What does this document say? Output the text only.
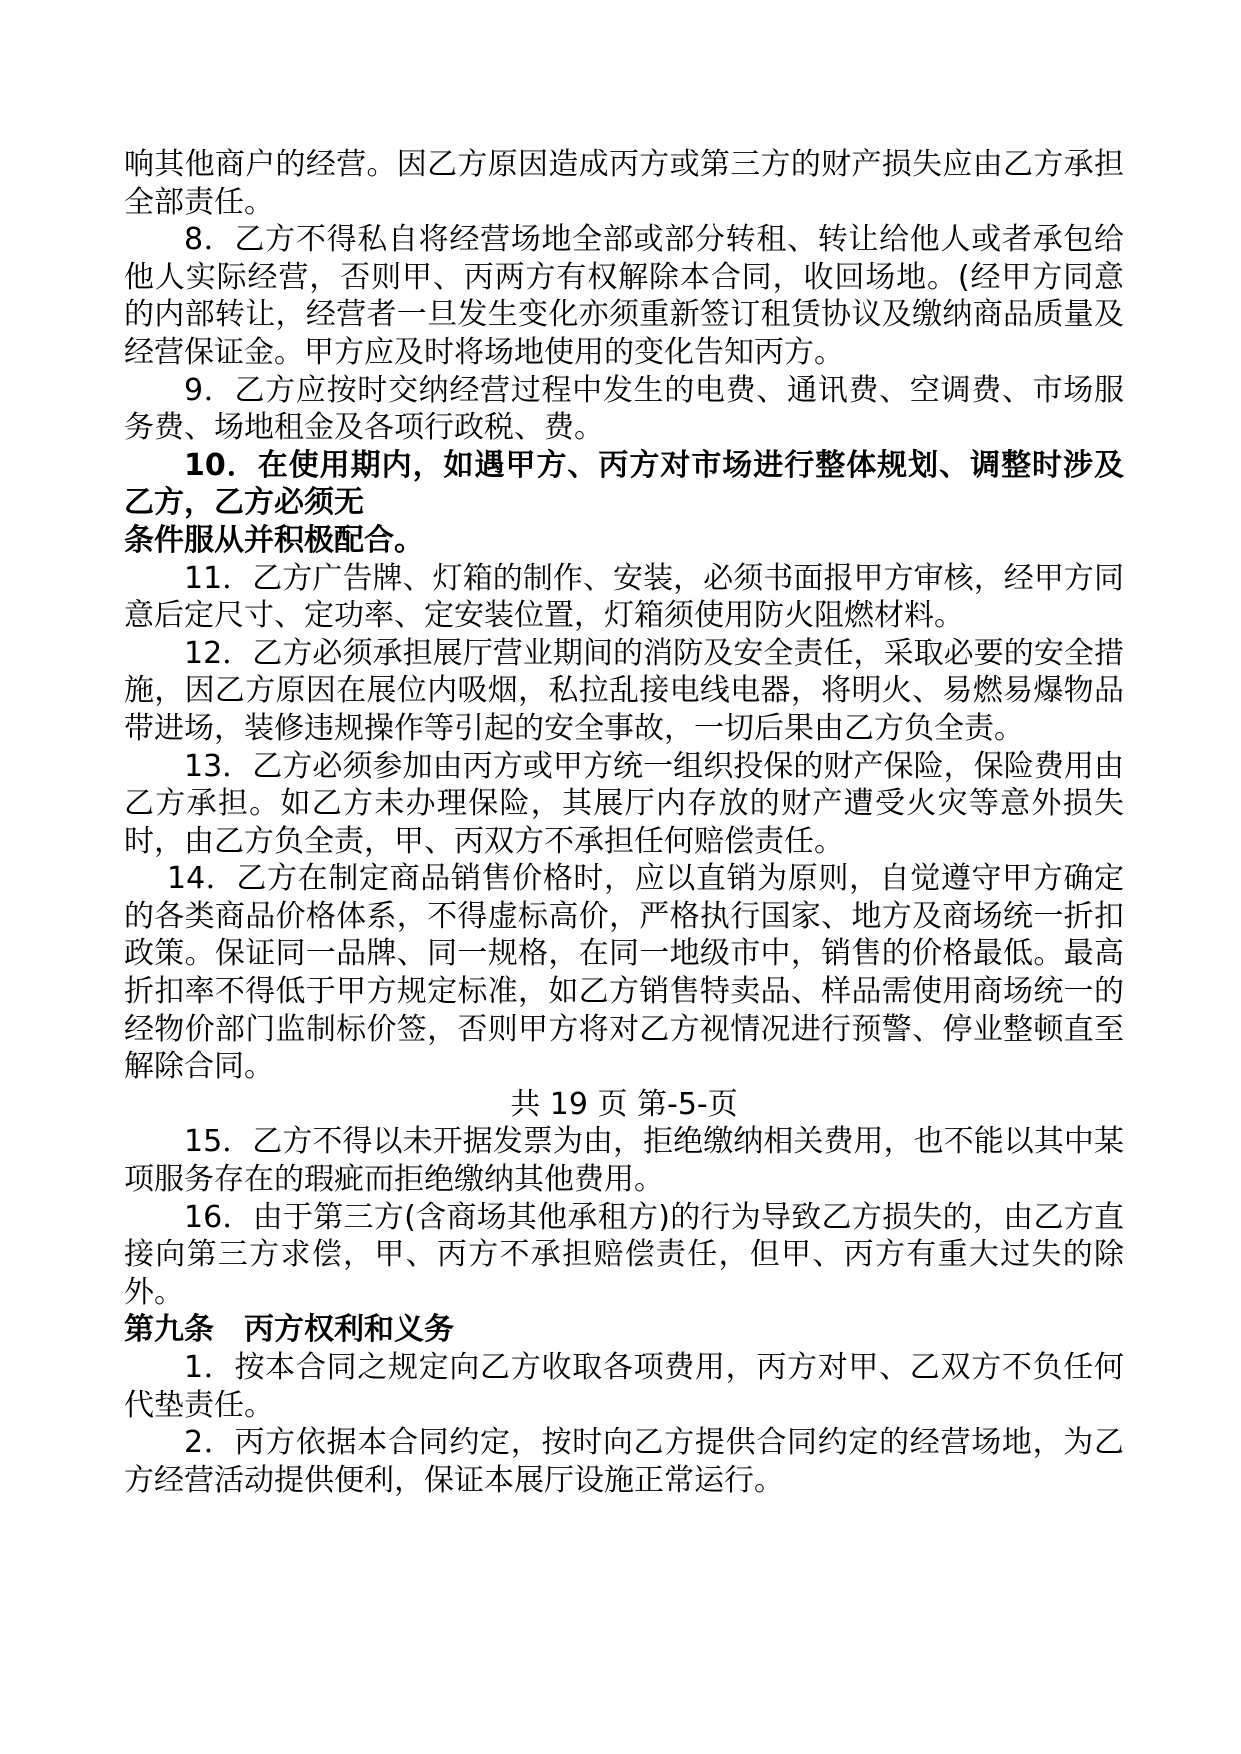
响其他商户的经营。因乙方原因造成丙方或第三方的财产损失应由乙方承担全部责任。

8．乙方不得私自将经营场地全部或部分转租、转让给他人或者承包给他人实际经营，否则甲、丙两方有权解除本合同，收回场地。(经甲方同意的内部转让，经营者一旦发生变化亦须重新签订租赁协议及缴纳商品质量及经营保证金。甲方应及时将场地使用的变化告知丙方。

9．乙方应按时交纳经营过程中发生的电费、通讯费、空调费、市场服务费、场地租金及各项行政税、费。

10．在使用期内，如遇甲方、丙方对市场进行整体规划、调整时涉及乙方，乙方必须无

条件服从并积极配合。

11．乙方广告牌、灯箱的制作、安装，必须书面报甲方审核，经甲方同意后定尺寸、定功率、定安装位置，灯箱须使用防火阻燃材料。

12．乙方必须承担展厅营业期间的消防及安全责任，采取必要的安全措施，因乙方原因在展位内吸烟，私拉乱接电线电器，将明火、易燃易爆物品带进场，装修违规操作等引起的安全事故，一切后果由乙方负全责。

13．乙方必须参加由丙方或甲方统一组织投保的财产保险，保险费用由乙方承担。如乙方未办理保险，其展厅内存放的财产遭受火灾等意外损失时，由乙方负全责，甲、丙双方不承担任何赔偿责任。

14．乙方在制定商品销售价格时，应以直销为原则，自觉遵守甲方确定的各类商品价格体系，不得虚标高价，严格执行国家、地方及商场统一折扣政策。保证同一品牌、同一规格，在同一地级市中，销售的价格最低。最高折扣率不得低于甲方规定标准，如乙方销售特卖品、样品需使用商场统一的经物价部门监制标价签，否则甲方将对乙方视情况进行预警、停业整顿直至解除合同。

共 19 页 第-5-页

15．乙方不得以未开据发票为由，拒绝缴纳相关费用，也不能以其中某项服务存在的瑕疵而拒绝缴纳其他费用。

16．由于第三方(含商场其他承租方)的行为导致乙方损失的，由乙方直接向第三方求偿，甲、丙方不承担赔偿责任，但甲、丙方有重大过失的除外。

第九条　丙方权利和义务

1．按本合同之规定向乙方收取各项费用，丙方对甲、乙双方不负任何代垫责任。

2．丙方依据本合同约定，按时向乙方提供合同约定的经营场地，为乙方经营活动提供便利，保证本展厅设施正常运行。
